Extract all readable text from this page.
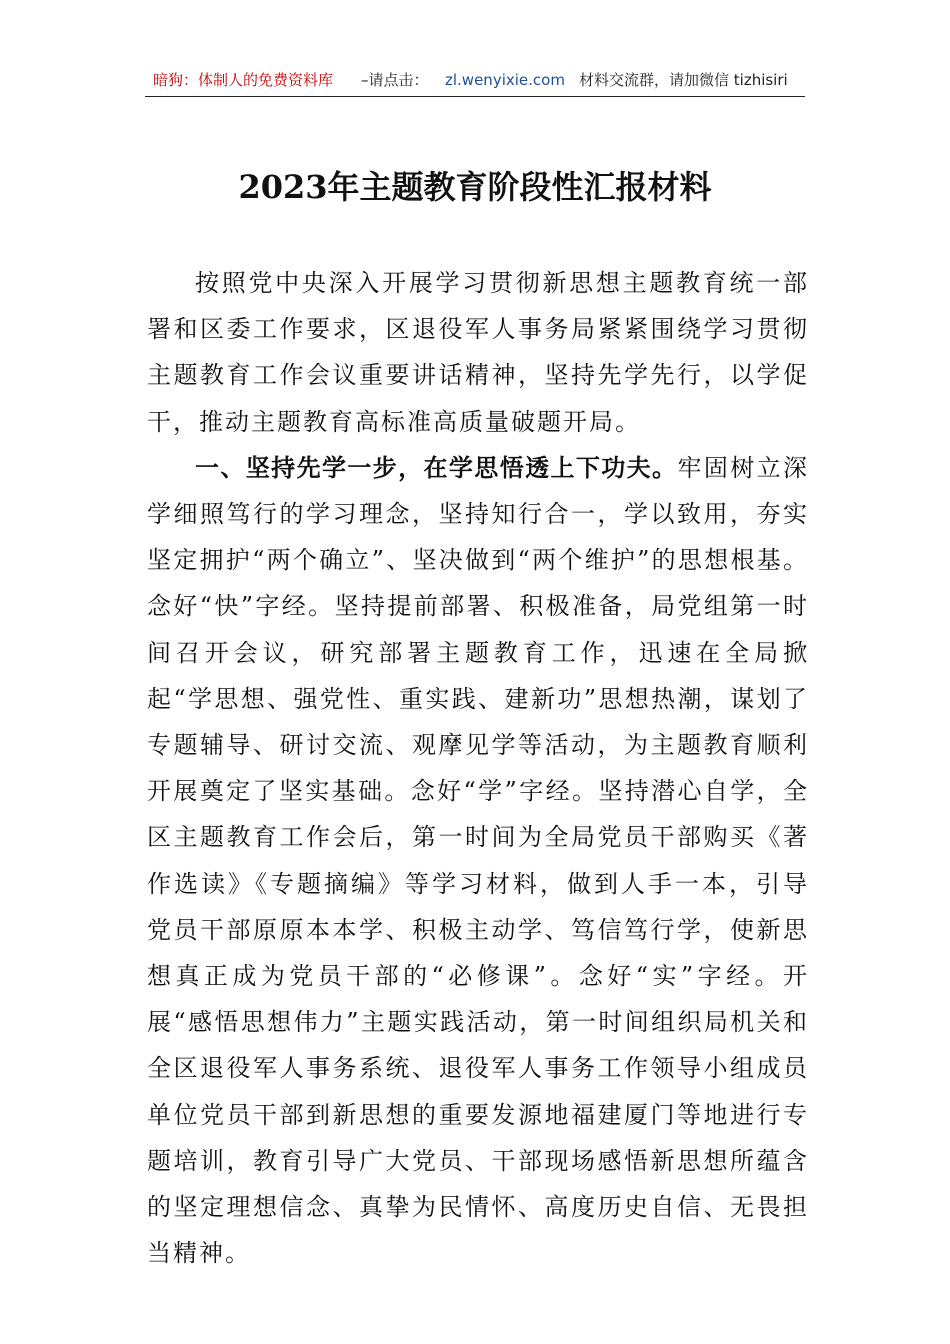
暗狗：体制人的免费资料库 –请点击： zl.wenyixie.com 材料交流群，请加微信 tizhisiri
2023年主题教育阶段性汇报材料

按照党中央深入开展学习贯彻新思想主题教育统一部署和区委工作要求，区退役军人事务局紧紧围绕学习贯彻主题教育工作会议重要讲话精神，坚持先学先行，以学促干，推动主题教育高标准高质量破题开局。

一、坚持先学一步，在学思悟透上下功夫。牢固树立深学细照笃行的学习理念，坚持知行合一，学以致用，夯实坚定拥护“两个确立”、坚决做到“两个维护”的思想根基。念好“快”字经。坚持提前部署、积极准备，局党组第一时间召开会议，研究部署主题教育工作，迅速在全局掀起“学思想、强党性、重实践、建新功”思想热潮，谋划了专题辅导、研讨交流、观摩见学等活动，为主题教育顺利开展奠定了坚实基础。念好“学”字经。坚持潜心自学，全区主题教育工作会后，第一时间为全局党员干部购买《著作选读》《专题摘编》等学习材料，做到人手一本，引导党员干部原原本本学、积极主动学、笃信笃行学，使新思想真正成为党员干部的“必修课”。念好“实”字经。开展“感悟思想伟力”主题实践活动，第一时间组织局机关和全区退役军人事务系统、退役军人事务工作领导小组成员单位党员干部到新思想的重要发源地福建厦门等地进行专题培训，教育引导广大党员、干部现场感悟新思想所蕴含的坚定理想信念、真挚为民情怀、高度历史自信、无畏担当精神。
